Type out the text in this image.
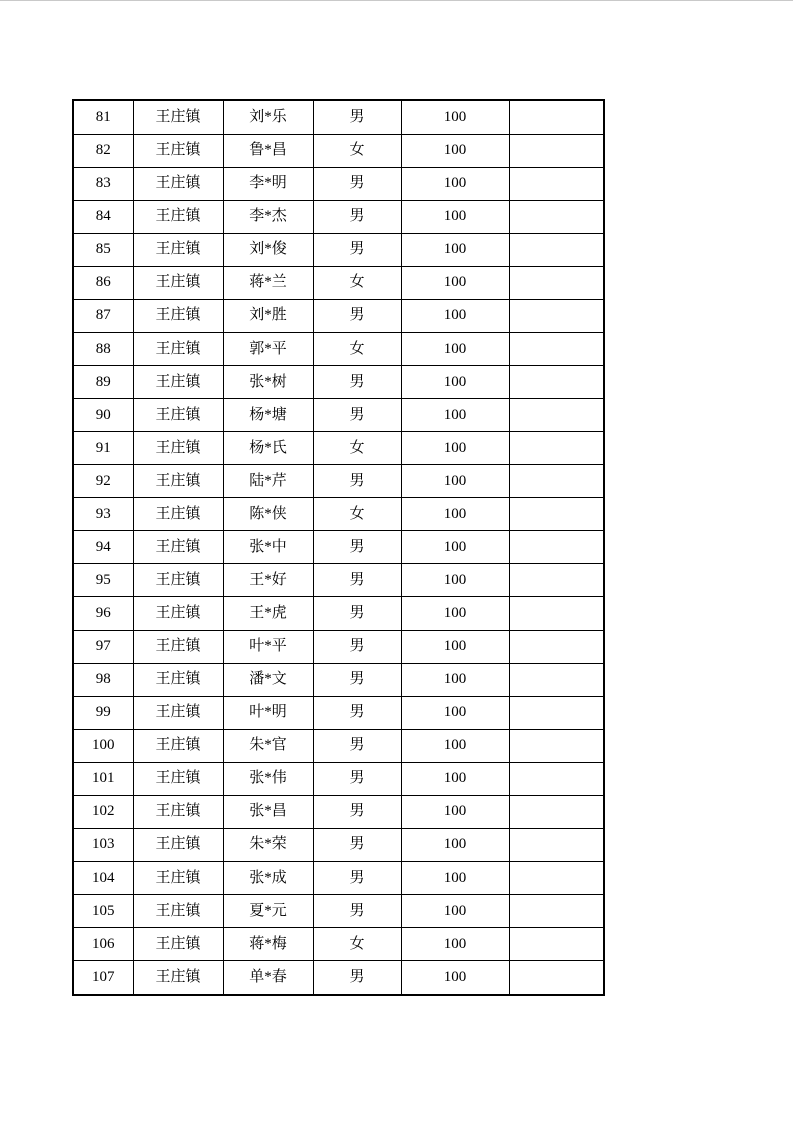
81	王庄镇	刘*乐	男	100	
82	王庄镇	鲁*昌	女	100	
83	王庄镇	李*明	男	100	
84	王庄镇	李*杰	男	100	
85	王庄镇	刘*俊	男	100	
86	王庄镇	蒋*兰	女	100	
87	王庄镇	刘*胜	男	100	
88	王庄镇	郭*平	女	100	
89	王庄镇	张*树	男	100	
90	王庄镇	杨*塘	男	100	
91	王庄镇	杨*氏	女	100	
92	王庄镇	陆*芹	男	100	
93	王庄镇	陈*侠	女	100	
94	王庄镇	张*中	男	100	
95	王庄镇	王*好	男	100	
96	王庄镇	王*虎	男	100	
97	王庄镇	叶*平	男	100	
98	王庄镇	潘*文	男	100	
99	王庄镇	叶*明	男	100	
100	王庄镇	朱*官	男	100	
101	王庄镇	张*伟	男	100	
102	王庄镇	张*昌	男	100	
103	王庄镇	朱*荣	男	100	
104	王庄镇	张*成	男	100	
105	王庄镇	夏*元	男	100	
106	王庄镇	蒋*梅	女	100	
107	王庄镇	单*春	男	100	
